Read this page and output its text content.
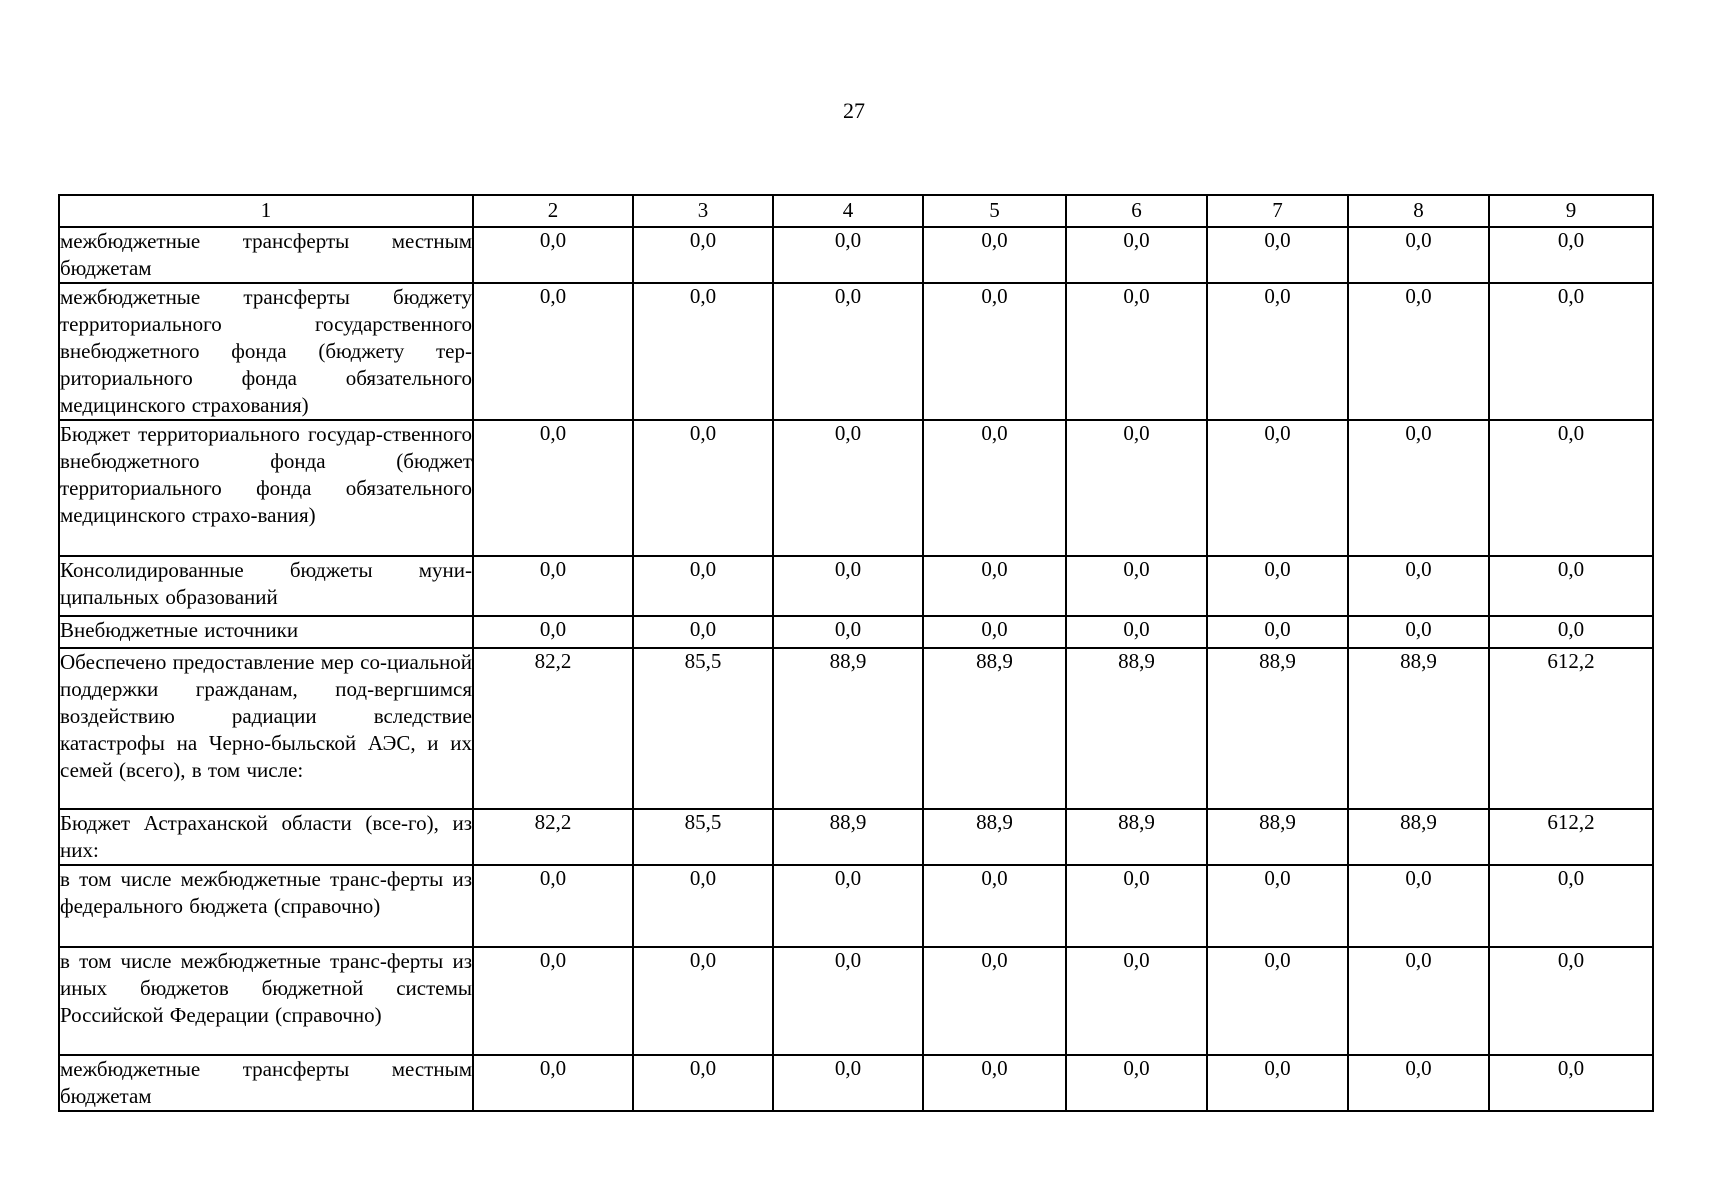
27
1	2	3	4	5	6	7	8	9
межбюджетные трансферты местным бюджетам	0,0	0,0	0,0	0,0	0,0	0,0	0,0	0,0
межбюджетные трансферты бюджету территориального государственного внебюджетного фонда (бюджету тер-риториального фонда обязательного медицинского страхования)	0,0	0,0	0,0	0,0	0,0	0,0	0,0	0,0
Бюджет территориального государ-ственного внебюджетного фонда (бюджет территориального фонда обязательного медицинского страхо-вания)	0,0	0,0	0,0	0,0	0,0	0,0	0,0	0,0
Консолидированные бюджеты муни-ципальных образований	0,0	0,0	0,0	0,0	0,0	0,0	0,0	0,0
Внебюджетные источники	0,0	0,0	0,0	0,0	0,0	0,0	0,0	0,0
Обеспечено предоставление мер со-циальной поддержки гражданам, под-вергшимся воздействию радиации вследствие катастрофы на Черно-быльской АЭС, и их семей (всего), в том числе:	82,2	85,5	88,9	88,9	88,9	88,9	88,9	612,2
Бюджет Астраханской области (все-го), из них:	82,2	85,5	88,9	88,9	88,9	88,9	88,9	612,2
в том числе межбюджетные транс-ферты из федерального бюджета (справочно)	0,0	0,0	0,0	0,0	0,0	0,0	0,0	0,0
в том числе межбюджетные транс-ферты из иных бюджетов бюджетной системы Российской Федерации (справочно)	0,0	0,0	0,0	0,0	0,0	0,0	0,0	0,0
межбюджетные трансферты местным бюджетам	0,0	0,0	0,0	0,0	0,0	0,0	0,0	0,0
